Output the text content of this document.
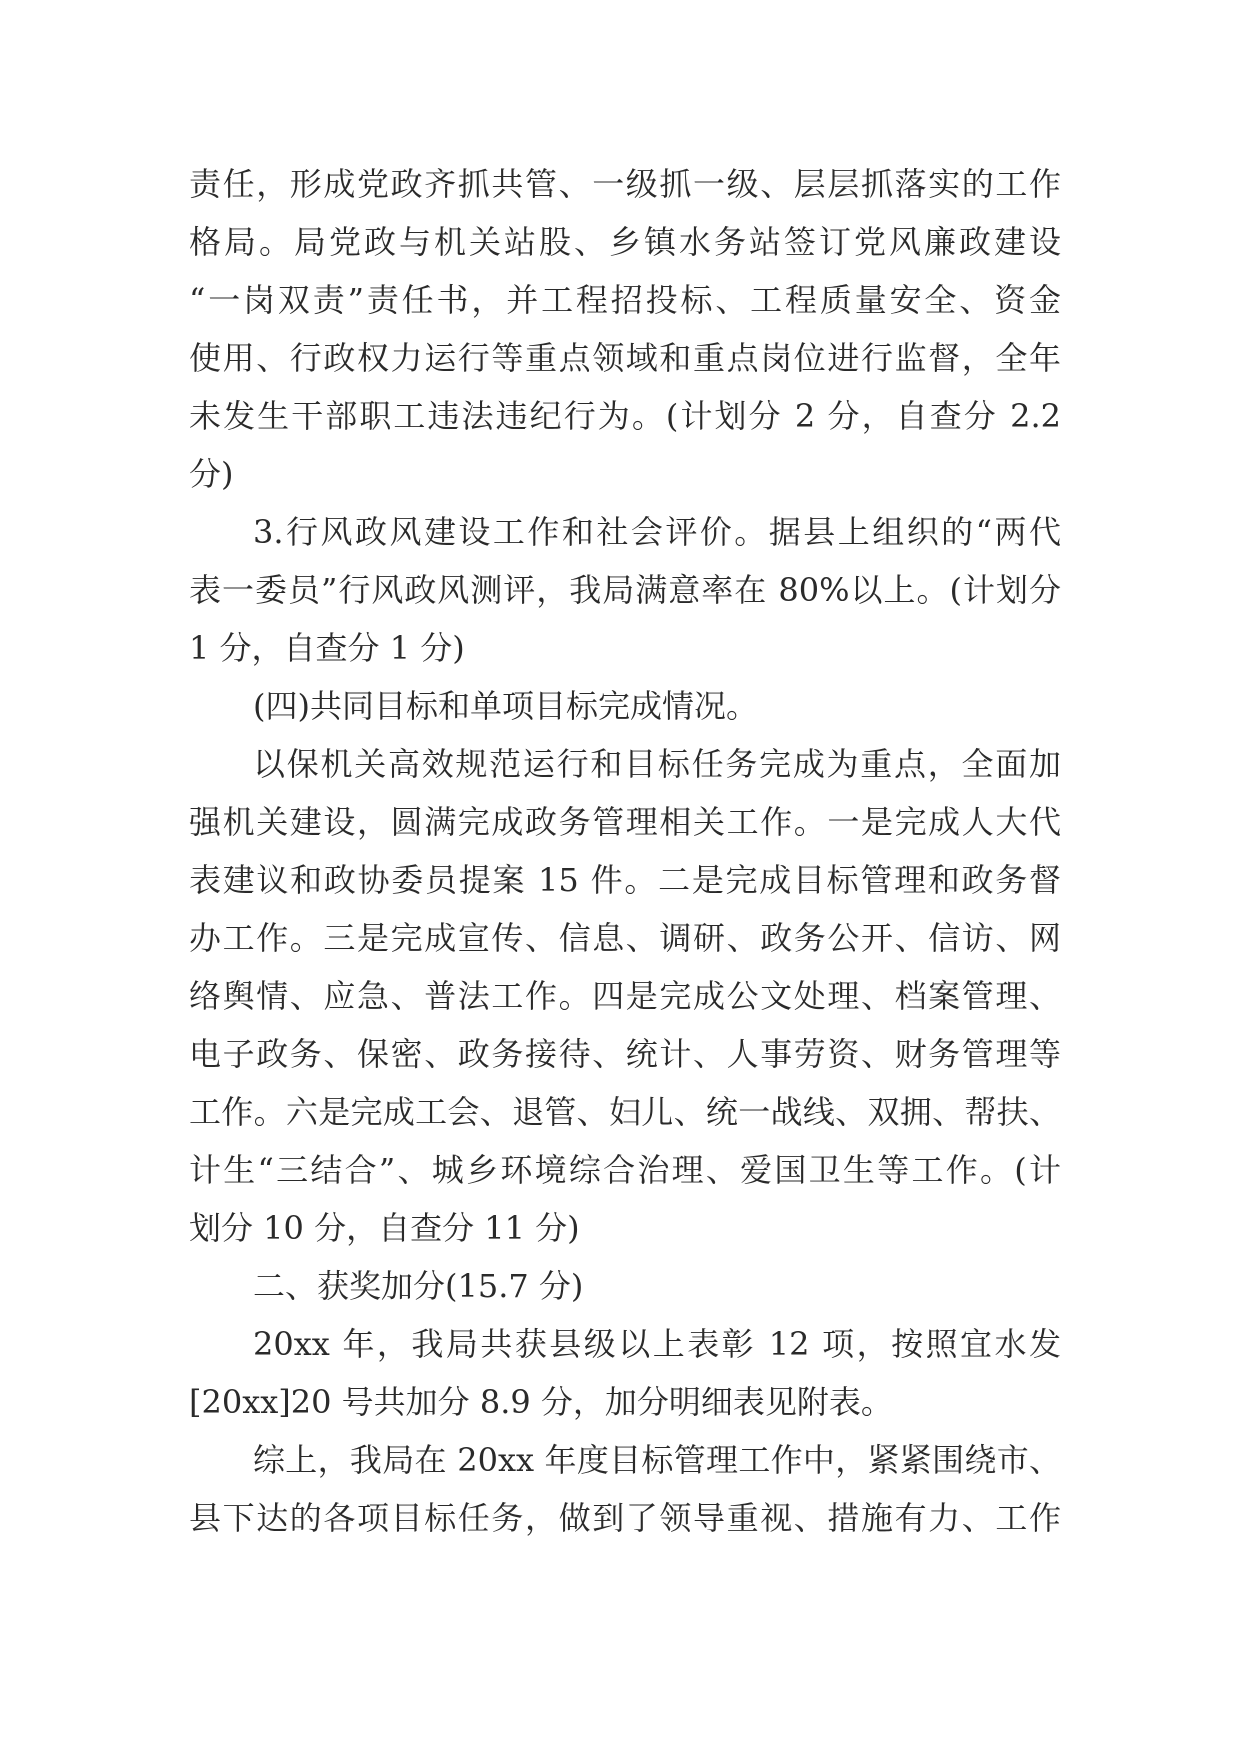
责任，形成党政齐抓共管、一级抓一级、层层抓落实的工作
格局。局党政与机关站股、乡镇水务站签订党风廉政建设
“一岗双责”责任书，并工程招投标、工程质量安全、资金
使用、行政权力运行等重点领域和重点岗位进行监督，全年
未发生干部职工违法违纪行为。(计划分 2 分，自查分 2.2
分)
3.行风政风建设工作和社会评价。据县上组织的“两代
表一委员”行风政风测评，我局满意率在 80%以上。(计划分
1 分，自查分 1 分)
(四)共同目标和单项目标完成情况。
以保机关高效规范运行和目标任务完成为重点，全面加
强机关建设，圆满完成政务管理相关工作。一是完成人大代
表建议和政协委员提案 15 件。二是完成目标管理和政务督
办工作。三是完成宣传、信息、调研、政务公开、信访、网
络舆情、应急、普法工作。四是完成公文处理、档案管理、
电子政务、保密、政务接待、统计、人事劳资、财务管理等
工作。六是完成工会、退管、妇儿、统一战线、双拥、帮扶、
计生“三结合”、城乡环境综合治理、爱国卫生等工作。(计
划分 10 分，自查分 11 分)
二、获奖加分(15.7 分)
20xx 年，我局共获县级以上表彰 12 项，按照宜水发
[20xx]20 号共加分 8.9 分，加分明细表见附表。
综上，我局在 20xx 年度目标管理工作中，紧紧围绕市、
县下达的各项目标任务，做到了领导重视、措施有力、工作
